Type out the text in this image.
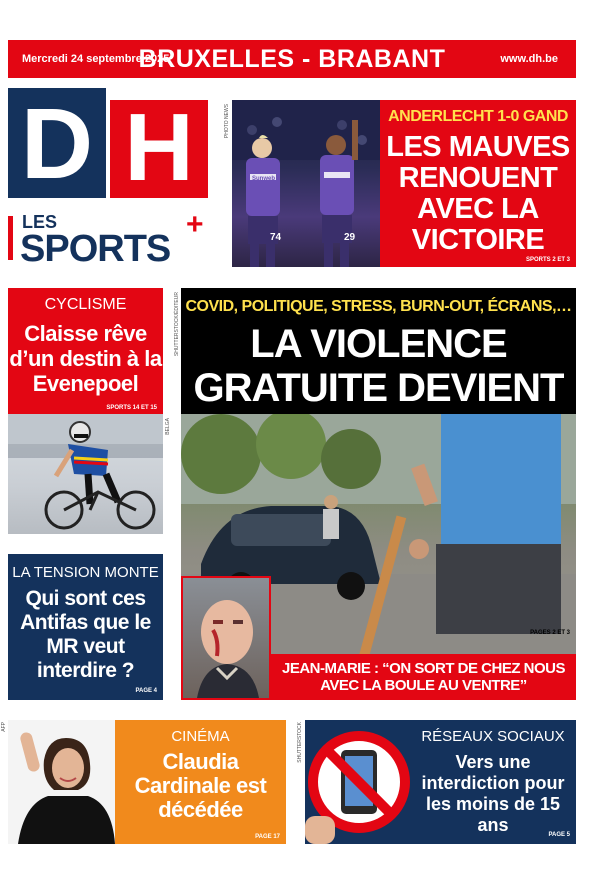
Mercredi 24 septembre 2025
BRUXELLES - BRABANT	www.dh.be
D H
LES
SPORTS
+
PHOTO NEWS
74	29
Sunweb
ANDERLECHT 1-0 GAND
LES MAUVES RENOUENT AVEC LA VICTOIRE
SPORTS 2 ET 3
CYCLISME
Claisse rêve d’un destin à la Evenepoel
SPORTS 14 ET 15
BELGA
SHUTTERSTOCK/ÉDITEUR COVID, POLITIQUE, STRESS, BURN-OUT, ÉCRANS,…
LA VIOLENCE GRATUITE DEVIENT
PAGES 2 ET 3
JEAN-MARIE : “ON SORT DE CHEZ NOUS AVEC LA BOULE AU VENTRE”
LA TENSION MONTE
Qui sont ces Antifas que le MR veut interdire ?
PAGE 4
AFP
CINÉMA
Claudia Cardinale est décédée
PAGE 17
SHUTTERSTOCK	RÉSEAUX SOCIAUX
Vers une interdiction pour les moins de 15 ans	PAGE 5
